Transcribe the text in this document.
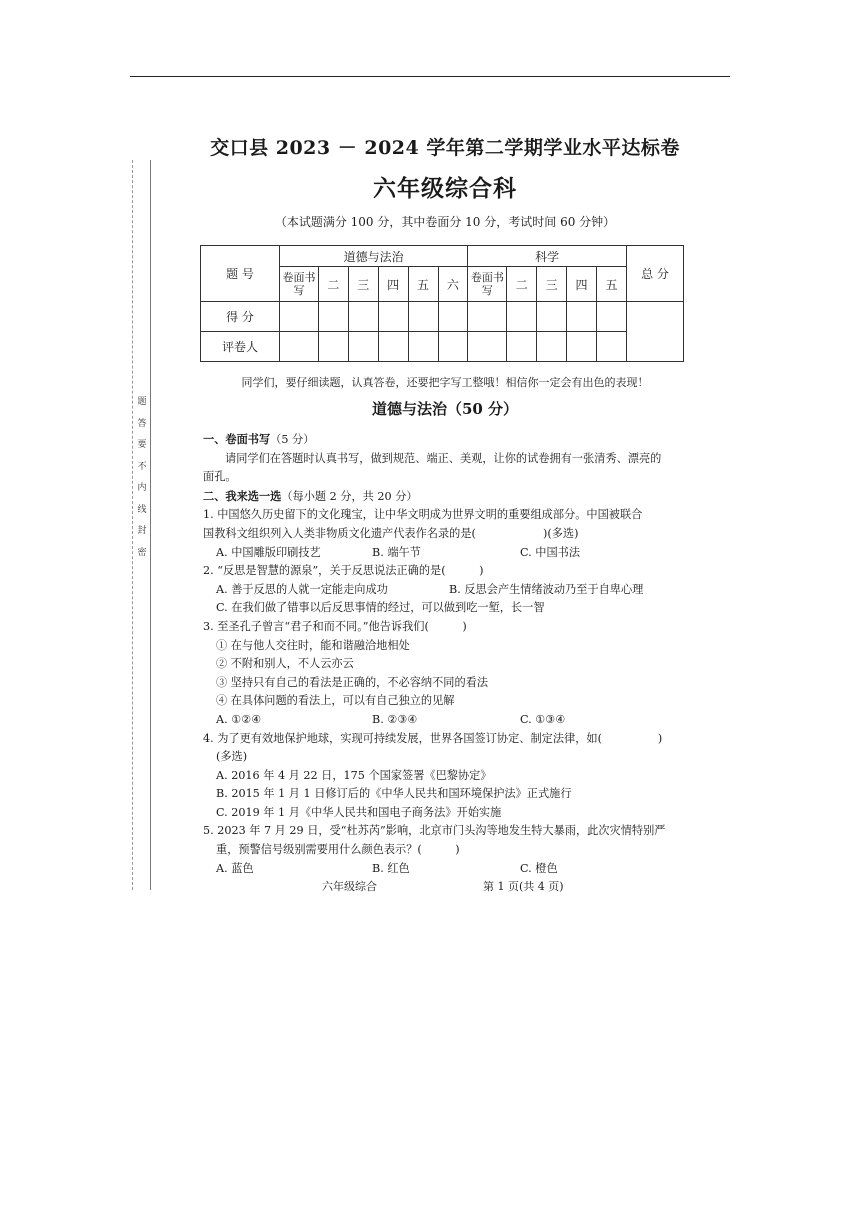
题
答
要
不
内
线
封
密
交口县 2023 － 2024 学年第二学期学业水平达标卷
六年级综合科
（本试题满分 100 分，其中卷面分 10 分，考试时间 60 分钟）
题 号	道德与法治						科学					总 分
	卷面书写	二	三	四	五	六	卷面书写	二	三	四	五	
得 分												
评卷人												
同学们，要仔细读题，认真答卷，还要把字写工整哦！相信你一定会有出色的表现！
道德与法治（50 分）

一、卷面书写（5 分）

请同学们在答题时认真书写，做到规范、端正、美观，让你的试卷拥有一张清秀、漂亮的

面孔。

二、我来选一选（每小题 2 分，共 20 分）

1. 中国悠久历史留下的文化瑰宝，让中华文明成为世界文明的重要组成部分。中国被联合

国教科文组织列入人类非物质文化遗产代表作名录的是(　　　　　　)(多选)

A. 中国雕版印刷技艺	B. 端午节	C. 中国书法

2. “反思是智慧的源泉”，关于反思说法正确的是(　　　)

A. 善于反思的人就一定能走向成功	B. 反思会产生情绪波动乃至于自卑心理

C. 在我们做了错事以后反思事情的经过，可以做到吃一堑，长一智

3. 至圣孔子曾言“君子和而不同。”他告诉我们(　　　)

① 在与他人交往时，能和谐融洽地相处

② 不附和别人，不人云亦云

③ 坚持只有自己的看法是正确的，不必容纳不同的看法

④ 在具体问题的看法上，可以有自己独立的见解

A. ①②④	B. ②③④	C. ①③④

4. 为了更有效地保护地球，实现可持续发展，世界各国签订协定、制定法律，如(　　　　　)

(多选)

A. 2016 年 4 月 22 日，175 个国家签署《巴黎协定》

B. 2015 年 1 月 1 日修订后的《中华人民共和国环境保护法》正式施行

C. 2019 年 1 月《中华人民共和国电子商务法》开始实施

5. 2023 年 7 月 29 日，受“杜苏芮”影响，北京市门头沟等地发生特大暴雨，此次灾情特别严

重，预警信号级别需要用什么颜色表示？(　　　)

A. 蓝色	B. 红色	C. 橙色
六年级综合	第 1 页(共 4 页)
